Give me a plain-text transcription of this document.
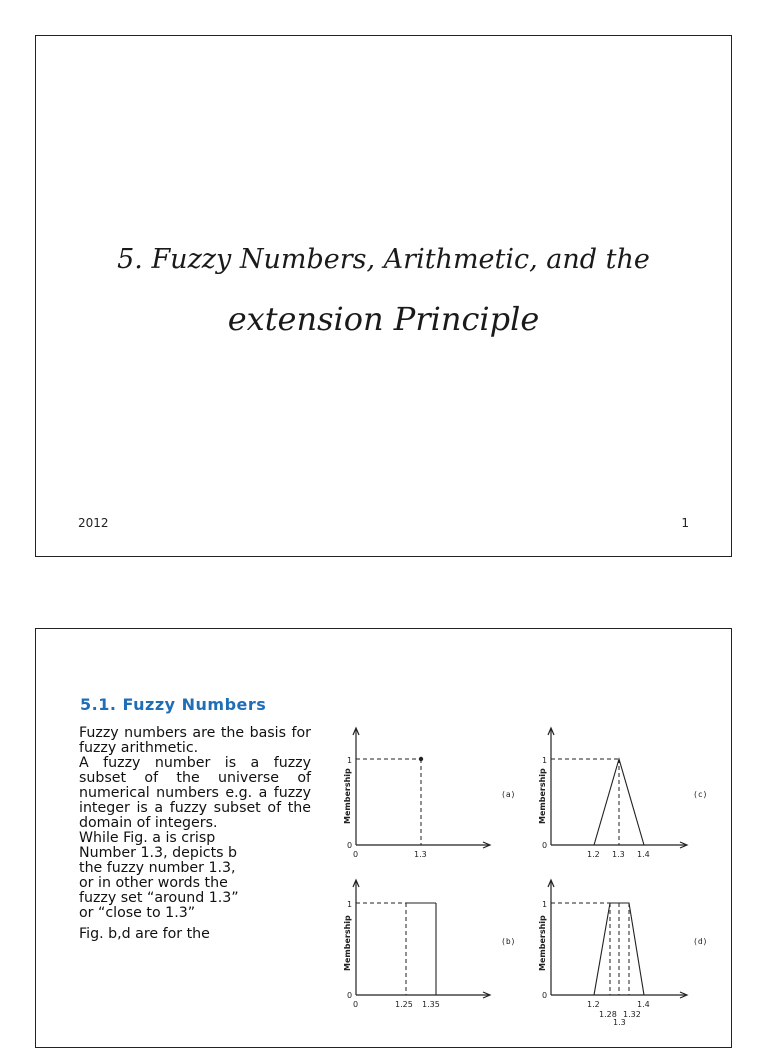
5. Fuzzy Numbers, Arithmetic, and the
extension Principle
2012	1
5.1. Fuzzy Numbers

Fuzzy numbers are the basis for fuzzy arithmetic.

A fuzzy number is a fuzzy subset of the universe of numerical numbers e.g. a fuzzy integer is a fuzzy subset of the domain of integers.

While Fig. a is crisp
Number 1.3, depicts b
the fuzzy number 1.3,
or in other words the
fuzzy set “around 1.3”
or “close to 1.3”

Fig. b,d are for the

1
0
0	1.3
Membership	(a)
1
0
1.2 1.3 1.4
Membership	(c)
1
0
0	1.25 1.35
Membership	(b)
1
0
1.2
1.28 1.32
1.4
1.3
Membership	(d)
